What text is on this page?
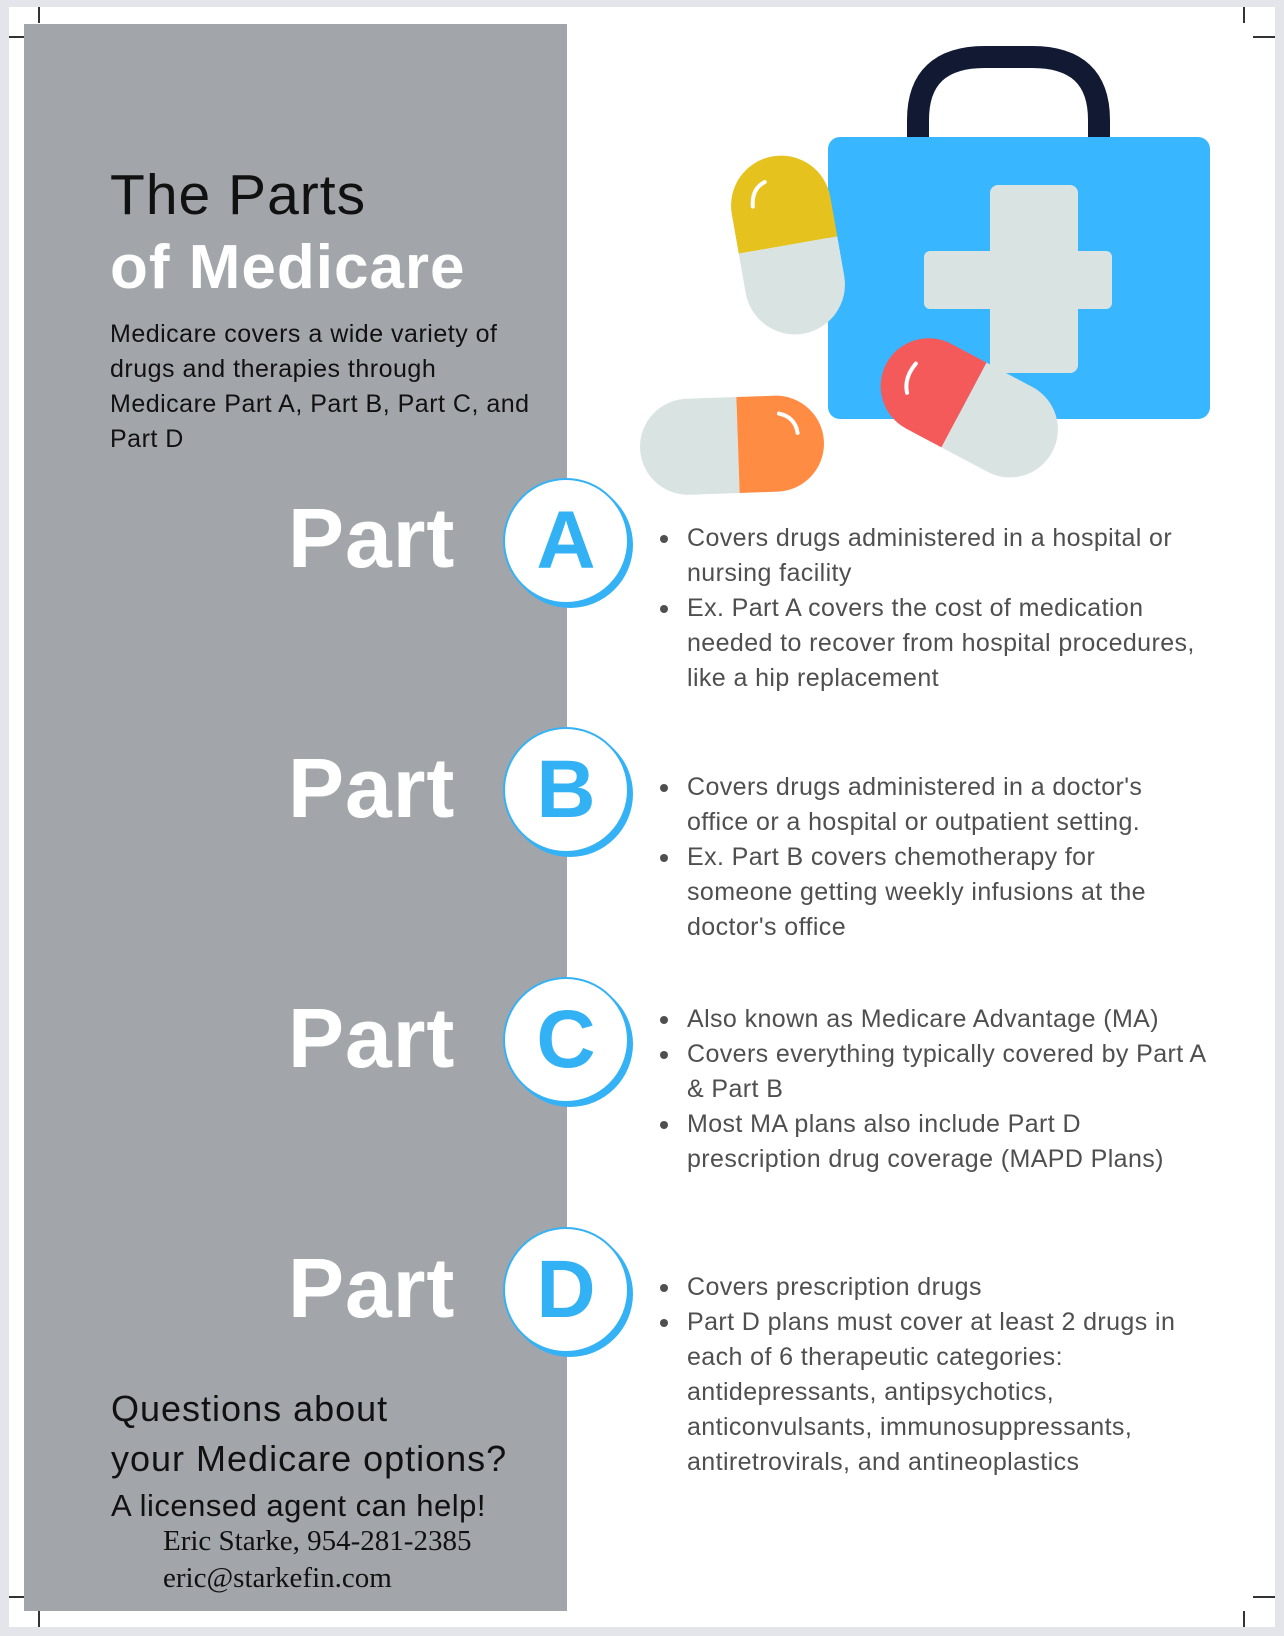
The Parts
of Medicare
Medicare covers a wide variety of drugs and therapies through Medicare Part A, Part B, Part C, and Part D
Part A	Covers drugs administered in a hospital or nursing facility
Ex. Part A covers the cost of medication needed to recover from hospital procedures, like a hip replacement
Part B	Covers drugs administered in a doctor's office or a hospital or outpatient setting.
Ex. Part B covers chemotherapy for someone getting weekly infusions at the doctor's office
Part C	Also known as Medicare Advantage (MA)
Covers everything typically covered by Part A & Part B
Most MA plans also include Part D prescription drug coverage (MAPD Plans)
Part D	Covers prescription drugs
Part D plans must cover at least 2 drugs in each of 6 therapeutic categories: antidepressants, antipsychotics, anticonvulsants, immunosuppressants, antiretrovirals, and antineoplastics
Questions about
your Medicare options?
A licensed agent can help!
Eric Starke, 954-281-2385
eric@starkefin.com
